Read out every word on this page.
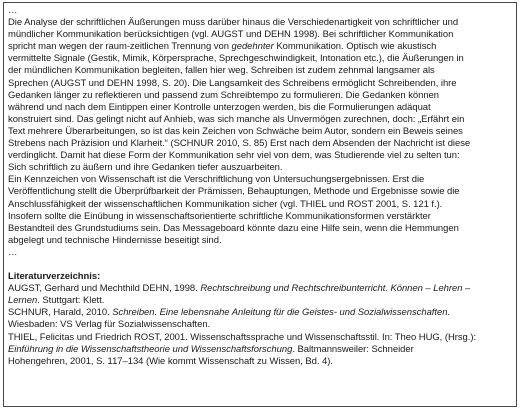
…
Die Analyse der schriftlichen Äußerungen muss darüber hinaus die Verschiedenartigkeit von schriftlicher und
mündlicher Kommunikation berücksichtigen (vgl. AUGST und DEHN 1998). Bei schriftlicher Kommunikation
spricht man wegen der raum-zeitlichen Trennung von gedehnter Kommunikation. Optisch wie akustisch
vermittelte Signale (Gestik, Mimik, Körpersprache, Sprechgeschwindigkeit, Intonation etc.), die Äußerungen in
der mündlichen Kommunikation begleiten, fallen hier weg. Schreiben ist zudem zehnmal langsamer als
Sprechen (AUGST und DEHN 1998, S. 20). Die Langsamkeit des Schreibens ermöglicht Schreibenden, ihre
Gedanken länger zu reflektieren und passend zum Schreibtempo zu formulieren. Die Gedanken können
während und nach dem Eintippen einer Kontrolle unterzogen werden, bis die Formulierungen adäquat
konstruiert sind. Das gelingt nicht auf Anhieb, was sich manche als Unvermögen zurechnen, doch: „Erfährt ein
Text mehrere Überarbeitungen, so ist das kein Zeichen von Schwäche beim Autor, sondern ein Beweis seines
Strebens nach Präzision und Klarheit.“ (SCHNUR 2010, S. 85) Erst nach dem Absenden der Nachricht ist diese
verdinglicht. Damit hat diese Form der Kommunikation sehr viel von dem, was Studierende viel zu selten tun:
Sich schriftlich zu äußern und ihre Gedanken tiefer auszuarbeiten.
Ein Kennzeichen von Wissenschaft ist die Verschriftlichung von Untersuchungsergebnissen. Erst die
Veröffentlichung stellt die Überprüfbarkeit der Prämissen, Behauptungen, Methode und Ergebnisse sowie die
Anschlussfähigkeit der wissenschaftlichen Kommunikation sicher (vgl. THIEL und ROST 2001, S. 121 f.).
Insofern sollte die Einübung in wissenschaftsorientierte schriftliche Kommunikationsformen verstärkter
Bestandteil des Grundstudiums sein. Das Messageboard könnte dazu eine Hilfe sein, wenn die Hemmungen
abgelegt und technische Hindernisse beseitigt sind.
…
Literaturverzeichnis:
AUGST, Gerhard und Mechthild DEHN, 1998. Rechtschreibung und Rechtschreibunterricht. Können – Lehren –
Lernen. Stuttgart: Klett.
SCHNUR, Harald, 2010. Schreiben. Eine lebensnahe Anleitung für die Geistes- und Sozialwissenschaften.
Wiesbaden: VS Verlag für Sozialwissenschaften.
THIEL, Felicitas und Friedrich ROST, 2001. Wissenschaftssprache und Wissenschaftsstil. In: Theo HUG, (Hrsg.):
Einführung in die Wissenschaftstheorie und Wissenschaftsforschung. Baltmannsweiler: Schneider
Hohengehren, 2001, S. 117–134 (Wie kommt Wissenschaft zu Wissen, Bd. 4).
